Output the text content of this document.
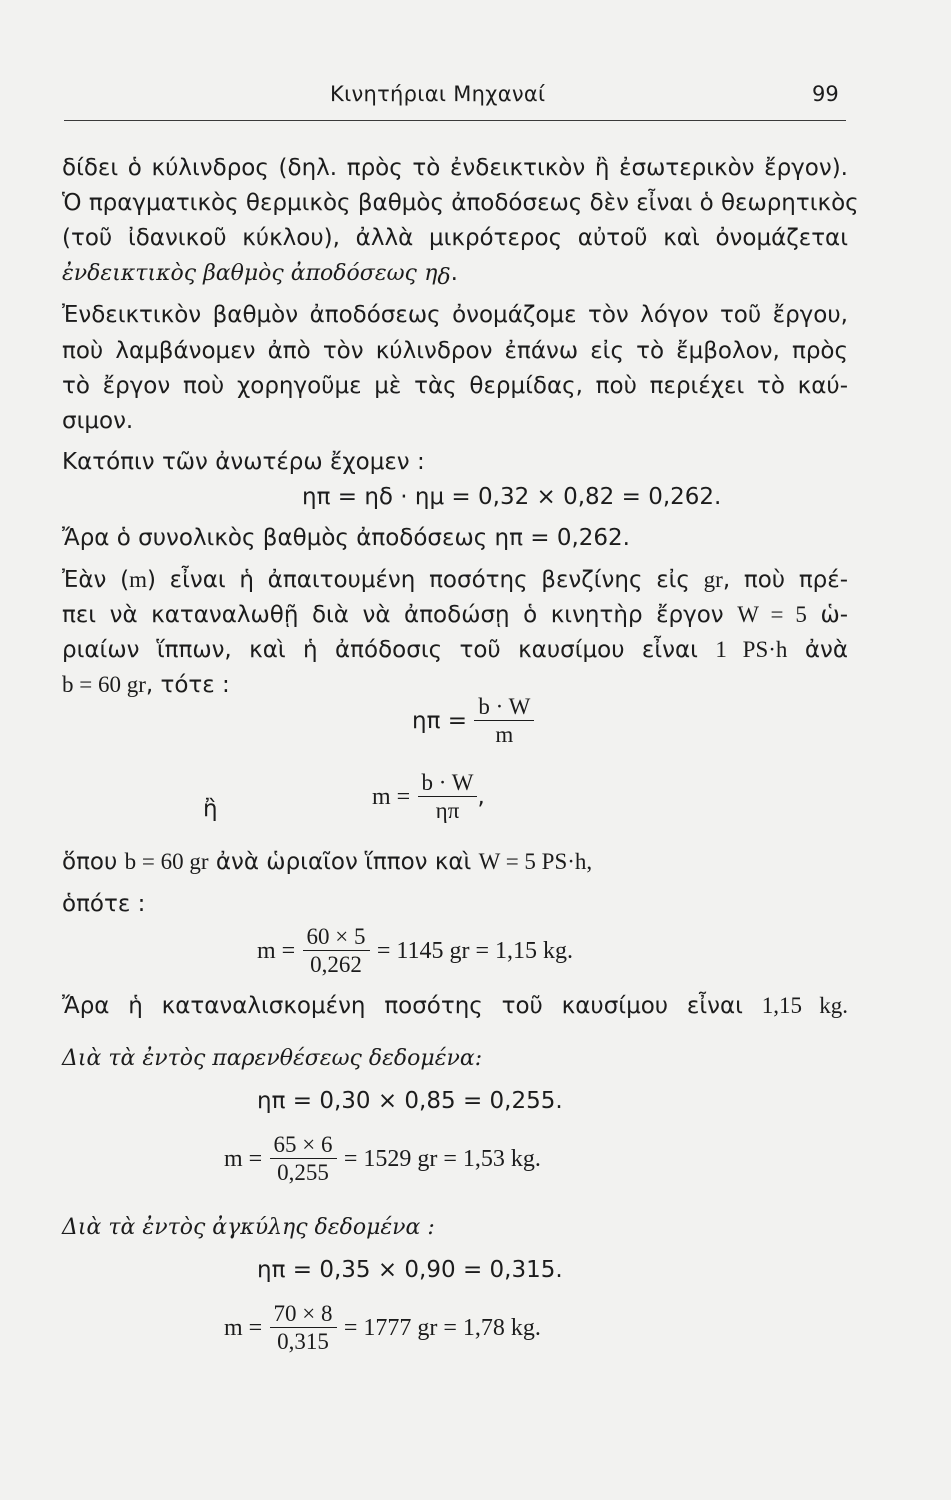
Κινητήριαι Μηχαναί	99
δίδει ὁ κύλινδρος (δηλ. πρὸς τὸ ἐνδεικτικὸν ἢ ἐσωτερικὸν ἔργον).
Ὁ πραγματικὸς θερμικὸς βαθμὸς ἀποδόσεως δὲν εἶναι ὁ θεωρητικὸς
(τοῦ ἰδανικοῦ κύκλου), ἀλλὰ μικρότερος αὐτοῦ καὶ ὀνομάζεται
ἐνδεικτικὸς βαθμὸς ἀποδόσεως $\eta_\delta$.
Ἐνδεικτικὸν βαθμὸν ἀποδόσεως ὀνομάζομε τὸν λόγον τοῦ ἔργου,
ποὺ λαμβάνομεν ἀπὸ τὸν κύλινδρον ἐπάνω εἰς τὸ ἔμβολον, πρὸς
τὸ ἔργον ποὺ χορηγοῦμε μὲ τὰς θερμίδας, ποὺ περιέχει τὸ καύ-
σιμον.
Κατόπιν τῶν ἀνωτέρω ἔχομεν :
ηπ = ηδ · ημ = 0,32 × 0,82 = 0,262.
Ἄρα ὁ συνολικὸς βαθμὸς ἀποδόσεως ηπ = 0,262.
Ἐὰν (m) εἶναι ἡ ἀπαιτουμένη ποσότης βενζίνης εἰς gr, ποὺ πρέ-
πει νὰ καταναλωθῇ διὰ νὰ ἀποδώσῃ ὁ κινητὴρ ἔργον W = 5 ὡ-
ριαίων ἵππων, καὶ ἡ ἀπόδοσις τοῦ καυσίμου εἶναι 1 PS·h ἀνὰ
b = 60 gr, τότε :
$\eta\pi = \frac{b \cdot W}{m}$
ἢ	$m = \frac{b \cdot W}{\eta\pi}$ ,
ὅπου b = 60 gr ἀνὰ ὡριαῖον ἵππον καὶ W = 5 PS·h,
ὁπότε :
$m = \frac{60 \times 5}{0,262} = 1145$ gr = 1,15 kg.
Ἄρα ἡ καταναλισκομένη ποσότης τοῦ καυσίμου εἶναι 1,15 kg.
Διὰ τὰ ἐντὸς παρενθέσεως δεδομένα:
ηπ = 0,30 × 0,85 = 0,255.
$m = \frac{65 \times 6}{0,255} = 1529$ gr = 1,53 kg.
Διὰ τὰ ἐντὸς ἀγκύλης δεδομένα :
ηπ = 0,35 × 0,90 = 0,315.
$m = \frac{70 \times 8}{0,315} = 1777$ gr = 1,78 kg.
